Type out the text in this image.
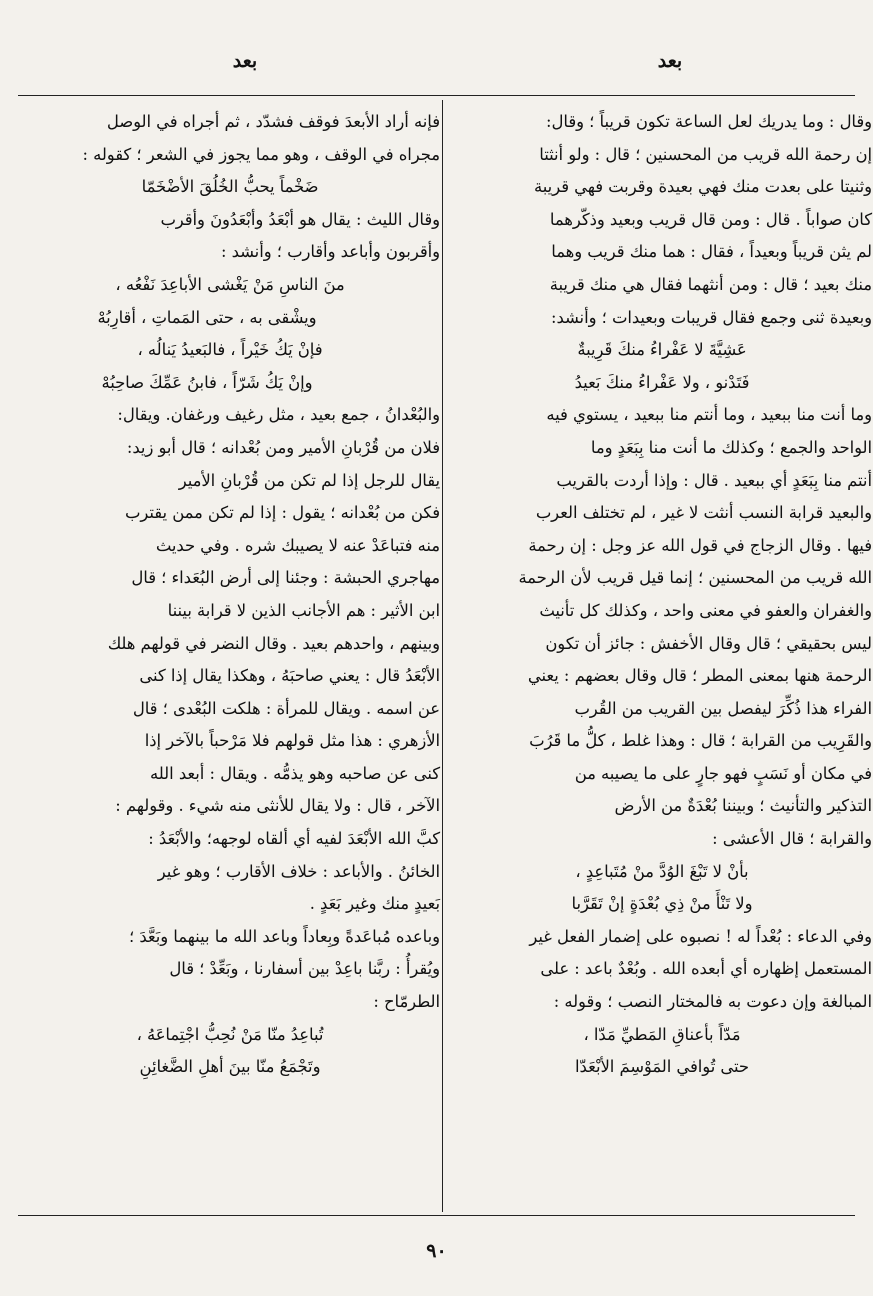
بعد
بعد

وقال : وما يدريك لعل الساعة تكون قريباً ؛ وقال:

إن رحمة الله قريب من المحسنين ؛ قال : ولو أنثتا

وثنيتا على بعدت منك فهي بعيدة وقربت فهي قريبة

كان صواباً . قال : ومن قال قريب وبعيد وذكّرهما

لم يثن قريباً وبعيداً ، فقال : هما منك قريب وهما

منك بعيد ؛ قال : ومن أنثهما فقال هي منك قريبة

وبعيدة ثنى وجمع فقال قريبات وبعيدات ؛ وأنشد:

عَشِيَّةَ لا عَفْراءُ منكَ قَرِيبةٌ

فَتَدْنو ، ولا عَفْراءُ منكَ بَعيدُ

وما أنت منا ببعيد ، وما أنتم منا ببعيد ، يستوي فيه

الواحد والجمع ؛ وكذلك ما أنت منا بِبَعَدٍ وما

أنتم منا بِبَعَدٍ أي ببعيد . قال : وإذا أردت بالقريب

والبعيد قرابة النسب أنثت لا غير ، لم تختلف العرب

فيها . وقال الزجاج في قول الله عز وجل : إن رحمة

الله قريب من المحسنين ؛ إنما قيل قريب لأن الرحمة

والغفران والعفو في معنى واحد ، وكذلك كل تأنيث

ليس بحقيقي ؛ قال وقال الأخفش : جائز أن تكون

الرحمة هنها بمعنى المطر ؛ قال وقال بعضهم : يعني

الفراء هذا ذُكِّرَ ليفصل بين القريب من القُرب

والقَرِيب من القرابة ؛ قال : وهذا غلط ، كلُّ ما قَرُبَ

في مكان أو نَسَبٍ فهو جارٍ على ما يصيبه من

التذكير والتأنيث ؛ وبيننا بُعْدَةٌ من الأرض

والقرابة ؛ قال الأعشى :

بأنْ لا تَبْغَ الوُدَّ منْ مُتَباعِدٍ ،

ولا تَنْأَ منْ ذِي بُعْدَةٍ إنْ تَقَرَّبا

وفي الدعاء : بُعْداً له ! نصبوه على إضمار الفعل غير

المستعمل إظهاره أي أبعده الله . وبُعْدٌ باعد : على

المبالغة وإن دعوت به فالمختار النصب ؛ وقوله :

مَدّاً بأعناقِ المَطيِّ مَدّا ،

حتى تُوافي المَوْسِمَ الأبْعَدّا

فإنه أراد الأبعدَ فوقف فشدّد ، ثم أجراه في الوصل

مجراه في الوقف ، وهو مما يجوز في الشعر ؛ كقوله :

ضَخْماً يحبُّ الخُلُقَ الأضْخَمّا

وقال الليث : يقال هو أبْعَدُ وأبْعَدُونَ وأقرب

وأقربون وأباعد وأقارب ؛ وأنشد :

منَ الناسِ مَنْ يَغْشى الأباعِدَ نَفْعُه ،

ويشْقى به ، حتى المَماتِ ، أقارِبُهْ

فإنْ يَكُ خَيْراً ، فالبَعيدُ يَنالُه ،

وإنْ يَكُ شَرّاً ، فابنُ عَمِّكَ صاحِبُهْ

والبُعْدانُ ، جمع بعيد ، مثل رغيف ورغفان. ويقال:

فلان من قُرْبانِ الأمير ومن بُعْدانه ؛ قال أبو زيد:

يقال للرجل إذا لم تكن من قُرْبانِ الأمير

فكن من بُعْدانه ؛ يقول : إذا لم تكن ممن يقترب

منه فتباعَدْ عنه لا يصيبك شره . وفي حديث

مهاجري الحبشة : وجئنا إلى أرض البُعَداء ؛ قال

ابن الأثير : هم الأجانب الذين لا قرابة بيننا

وبينهم ، واحدهم بعيد . وقال النضر في قولهم هلك

الأبْعَدُ قال : يعني صاحبَهُ ، وهكذا يقال إذا كنى

عن اسمه . ويقال للمرأة : هلكت البُعْدى ؛ قال

الأزهري : هذا مثل قولهم فلا مَرْحباً بالآخر إذا

كنى عن صاحبه وهو يذمُّه . ويقال : أبعد الله

الآخر ، قال : ولا يقال للأنثى منه شيء . وقولهم :

كبَّ الله الأبْعَدَ لفيه أي ألقاه لوجهه؛ والأبْعَدُ :

الخائنُ . والأباعد : خلاف الأقارب ؛ وهو غير

بَعيدٍ منك وغير بَعَدٍ .

وباعده مُباعَدةً وبِعاداً وباعد الله ما بينهما وبَعَّدَ ؛

ويُقرأُ : ربَّنا باعِدْ بين أسفارنا ، وبَعِّدْ ؛ قال

الطرمّاح :

تُباعِدُ منّا مَنْ نُحِبُّ اجْتِماعَهُ ،

وتَجْمَعُ منّا بينَ أهلِ الضَّغائِنِ

٩٠
